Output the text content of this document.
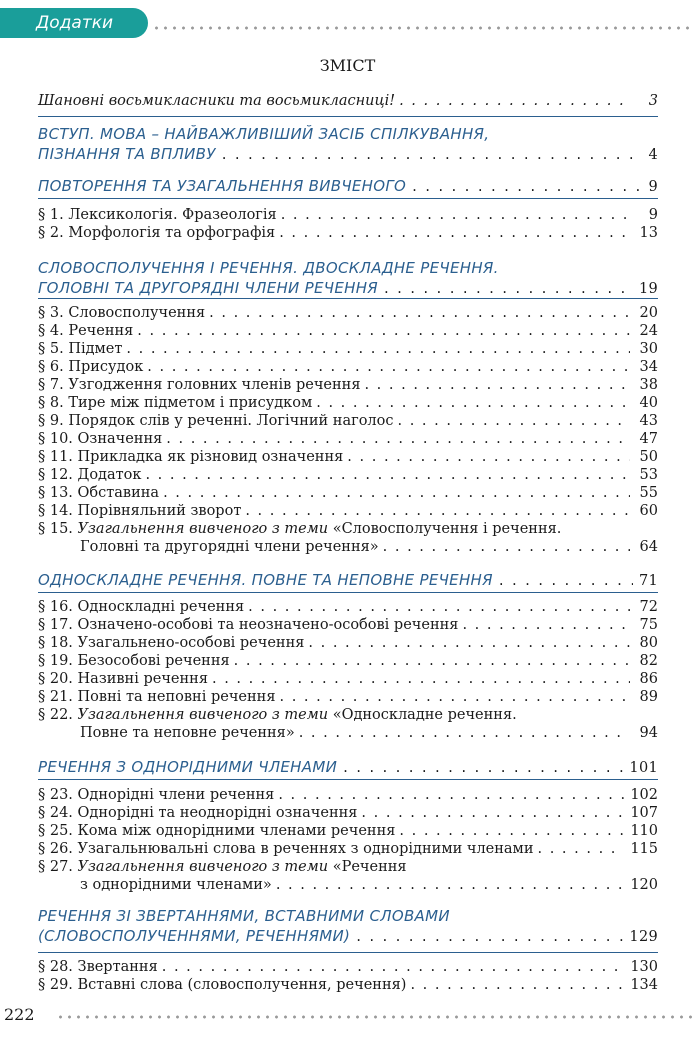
Додатки
ЗМІСТ
Шановні восьмикласники та восьмикласниці! . . .	3
ВСТУП. МОВА – НАЙВАЖЛИВІШИЙ ЗАСІБ СПІЛКУВАННЯ,
ПІЗНАННЯ ТА ВПЛИВУ . . .	4
ПОВТОРЕННЯ ТА УЗАГАЛЬНЕННЯ ВИВЧЕНОГО . . .	9
§ 1. Лексикологія. Фразеологія . . .	9
§ 2. Морфологія та орфографія . . .	13
СЛОВОСПОЛУЧЕННЯ І РЕЧЕННЯ. ДВОСКЛАДНЕ РЕЧЕННЯ.
ГОЛОВНІ ТА ДРУГОРЯДНІ ЧЛЕНИ РЕЧЕННЯ . . .	19
§ 3. Словосполучення . . .	20
§ 4. Речення . . .	24
§ 5. Підмет . . .	30
§ 6. Присудок . . .	34
§ 7. Узгодження головних членів речення . . .	38
§ 8. Тире між підметом і присудком . . .	40
§ 9. Порядок слів у реченні. Логічний наголос . . .	43
§ 10. Означення . . .	47
§ 11. Прикладка як різновид означення . . .	50
§ 12. Додаток . . .	53
§ 13. Обставина . . .	55
§ 14. Порівняльний зворот . . .	60
§ 15. Узагальнення вивченого з теми «Словосполучення і речення.
Головні та другорядні члени речення» . . .	64
ОДНОСКЛАДНЕ РЕЧЕННЯ. ПОВНЕ ТА НЕПОВНЕ РЕЧЕННЯ . . .	71
§ 16. Односкладні речення . . .	72
§ 17. Означено-особові та неозначено-особові речення . . .	75
§ 18. Узагальнено-особові речення . . .	80
§ 19. Безособові речення . . .	82
§ 20. Називні речення . . .	86
§ 21. Повні та неповні речення . . .	89
§ 22. Узагальнення вивченого з теми «Односкладне речення.
Повне та неповне речення» . . .	94
РЕЧЕННЯ З ОДНОРІДНИМИ ЧЛЕНАМИ . . .	101
§ 23. Однорідні члени речення . . .	102
§ 24. Однорідні та неоднорідні означення . . .	107
§ 25. Кома між однорідними членами речення . . .	110
§ 26. Узагальнювальні слова в реченнях з однорідними членами . . .	115
§ 27. Узагальнення вивченого з теми «Речення
з однорідними членами» . . .	120
РЕЧЕННЯ ЗІ ЗВЕРТАННЯМИ, ВСТАВНИМИ СЛОВАМИ
(СЛОВОСПОЛУЧЕННЯМИ, РЕЧЕННЯМИ) . . .	129
§ 28. Звертання . . .	130
§ 29. Вставні слова (словосполучення, речення) . . .	134
222
